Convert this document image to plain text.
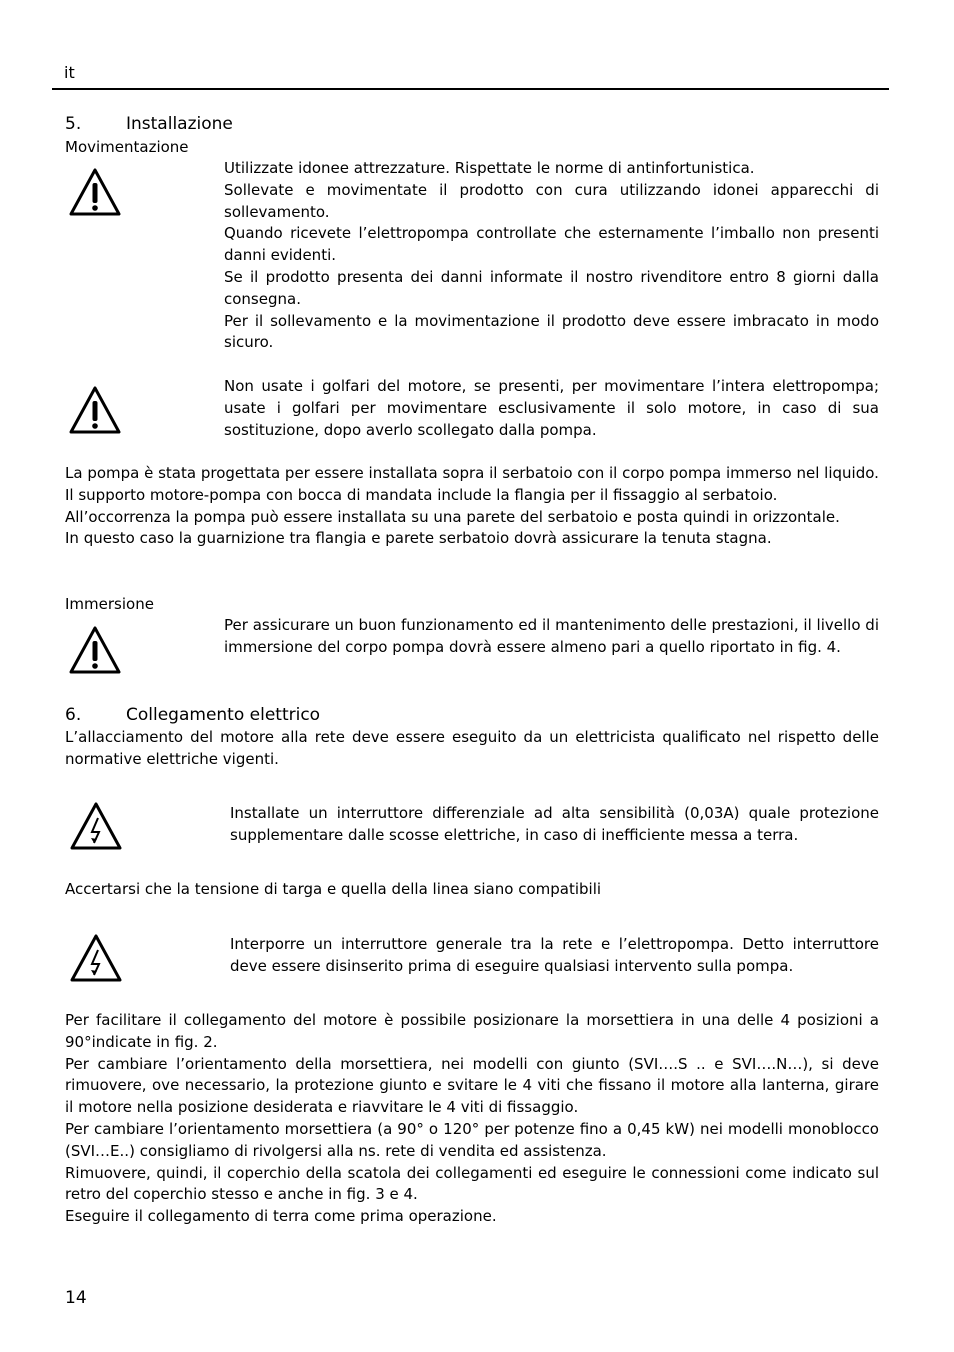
it
5.	Installazione
Movimentazione
Utilizzate idonee attrezzature. Rispettate le norme di antinfortunistica.
Sollevate e movimentate il prodotto con cura utilizzando idonei apparecchi di sollevamento.
Quando ricevete l’elettropompa controllate che esternamente l’imballo non presenti danni evidenti.
Se il prodotto presenta dei danni informate il nostro rivenditore entro 8 giorni dalla consegna.
Per il sollevamento e la movimentazione il prodotto deve essere imbracato in modo sicuro.
Non usate i golfari del motore, se presenti, per movimentare l’intera elettropompa; usate i golfari per movimentare esclusivamente il solo motore, in caso di sua sostituzione, dopo averlo scollegato dalla pompa.
La pompa è stata progettata per essere installata sopra il serbatoio con il corpo pompa immerso nel liquido.
Il supporto motore-pompa con bocca di mandata include la flangia per il fissaggio al serbatoio.
All’occorrenza la pompa può essere installata su una parete del serbatoio e posta quindi in orizzontale.
In questo caso la guarnizione tra flangia e parete serbatoio dovrà assicurare la tenuta stagna.
Immersione
Per assicurare un buon funzionamento ed il mantenimento delle prestazioni, il livello di immersione del corpo pompa dovrà essere almeno pari a quello riportato in fig. 4.
6.	Collegamento elettrico
L’allacciamento del motore alla rete deve essere eseguito da un elettricista qualificato nel rispetto delle normative elettriche vigenti.
Installate un interruttore differenziale ad alta sensibilità (0,03A) quale protezione supplementare dalle scosse elettriche, in caso di inefficiente messa a terra.
Accertarsi che la tensione di targa e quella della linea siano compatibili
Interporre un interruttore generale tra la rete e l’elettropompa. Detto interruttore deve essere disinserito prima di eseguire qualsiasi intervento sulla pompa.
Per facilitare il collegamento del motore è possibile posizionare la morsettiera in una delle 4 posizioni a 90°indicate in fig. 2.
Per cambiare l’orientamento della morsettiera, nei modelli con giunto (SVI….S .. e SVI….N…), si deve rimuovere, ove necessario, la protezione giunto e svitare le 4 viti che fissano il motore alla lanterna, girare il motore nella posizione desiderata e riavvitare le 4 viti di fissaggio.
Per cambiare l’orientamento morsettiera (a 90° o 120° per potenze fino a 0,45 kW) nei modelli monoblocco (SVI…E..) consigliamo di rivolgersi alla ns. rete di vendita ed assistenza.
Rimuovere, quindi, il coperchio della scatola dei collegamenti ed eseguire le connessioni come indicato sul retro del coperchio stesso e anche in fig. 3 e 4.
Eseguire il collegamento di terra come prima operazione.
14
